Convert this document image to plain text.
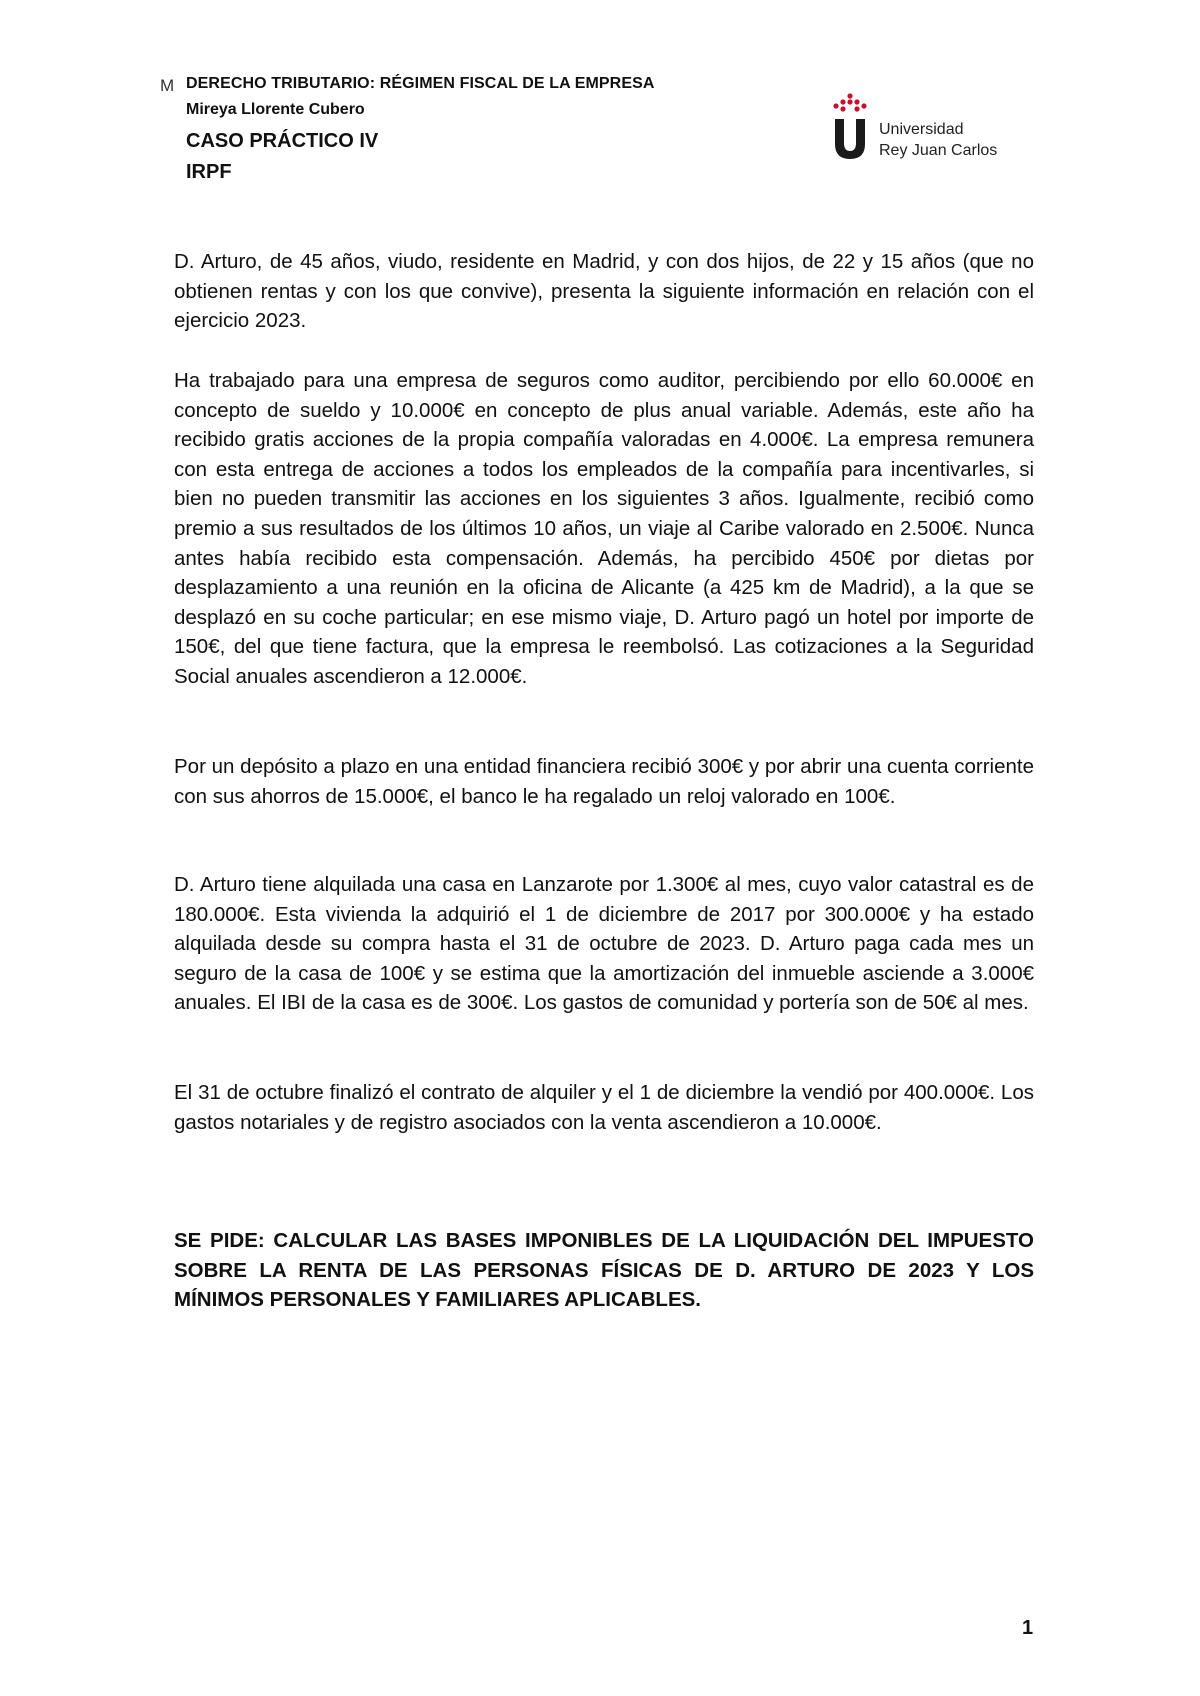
M DERECHO TRIBUTARIO: RÉGIMEN FISCAL DE LA EMPRESA
Mireya Llorente Cubero
CASO PRÁCTICO IV
IRPF
Universidad
Rey Juan Carlos

D. Arturo, de 45 años, viudo, residente en Madrid, y con dos hijos, de 22 y 15 años (que no obtienen rentas y con los que convive), presenta la siguiente información en relación con el ejercicio 2023.

Ha trabajado para una empresa de seguros como auditor, percibiendo por ello 60.000€ en concepto de sueldo y 10.000€ en concepto de plus anual variable. Además, este año ha recibido gratis acciones de la propia compañía valoradas en 4.000€. La empresa remunera con esta entrega de acciones a todos los empleados de la compañía para incentivarles, si bien no pueden transmitir las acciones en los siguientes 3 años. Igualmente, recibió como premio a sus resultados de los últimos 10 años, un viaje al Caribe valorado en 2.500€. Nunca antes había recibido esta compensación. Además, ha percibido 450€ por dietas por desplazamiento a una reunión en la oficina de Alicante (a 425 km de Madrid), a la que se desplazó en su coche particular; en ese mismo viaje, D. Arturo pagó un hotel por importe de 150€, del que tiene factura, que la empresa le reembolsó. Las cotizaciones a la Seguridad Social anuales ascendieron a 12.000€.

Por un depósito a plazo en una entidad financiera recibió 300€ y por abrir una cuenta corriente con sus ahorros de 15.000€, el banco le ha regalado un reloj valorado en 100€.

D. Arturo tiene alquilada una casa en Lanzarote por 1.300€ al mes, cuyo valor catastral es de 180.000€. Esta vivienda la adquirió el 1 de diciembre de 2017 por 300.000€ y ha estado alquilada desde su compra hasta el 31 de octubre de 2023. D. Arturo paga cada mes un seguro de la casa de 100€ y se estima que la amortización del inmueble asciende a 3.000€ anuales. El IBI de la casa es de 300€. Los gastos de comunidad y portería son de 50€ al mes.

El 31 de octubre finalizó el contrato de alquiler y el 1 de diciembre la vendió por 400.000€. Los gastos notariales y de registro asociados con la venta ascendieron a 10.000€.

SE PIDE: CALCULAR LAS BASES IMPONIBLES DE LA LIQUIDACIÓN DEL IMPUESTO SOBRE LA RENTA DE LAS PERSONAS FÍSICAS DE D. ARTURO DE 2023 Y LOS MÍNIMOS PERSONALES Y FAMILIARES APLICABLES.

1
